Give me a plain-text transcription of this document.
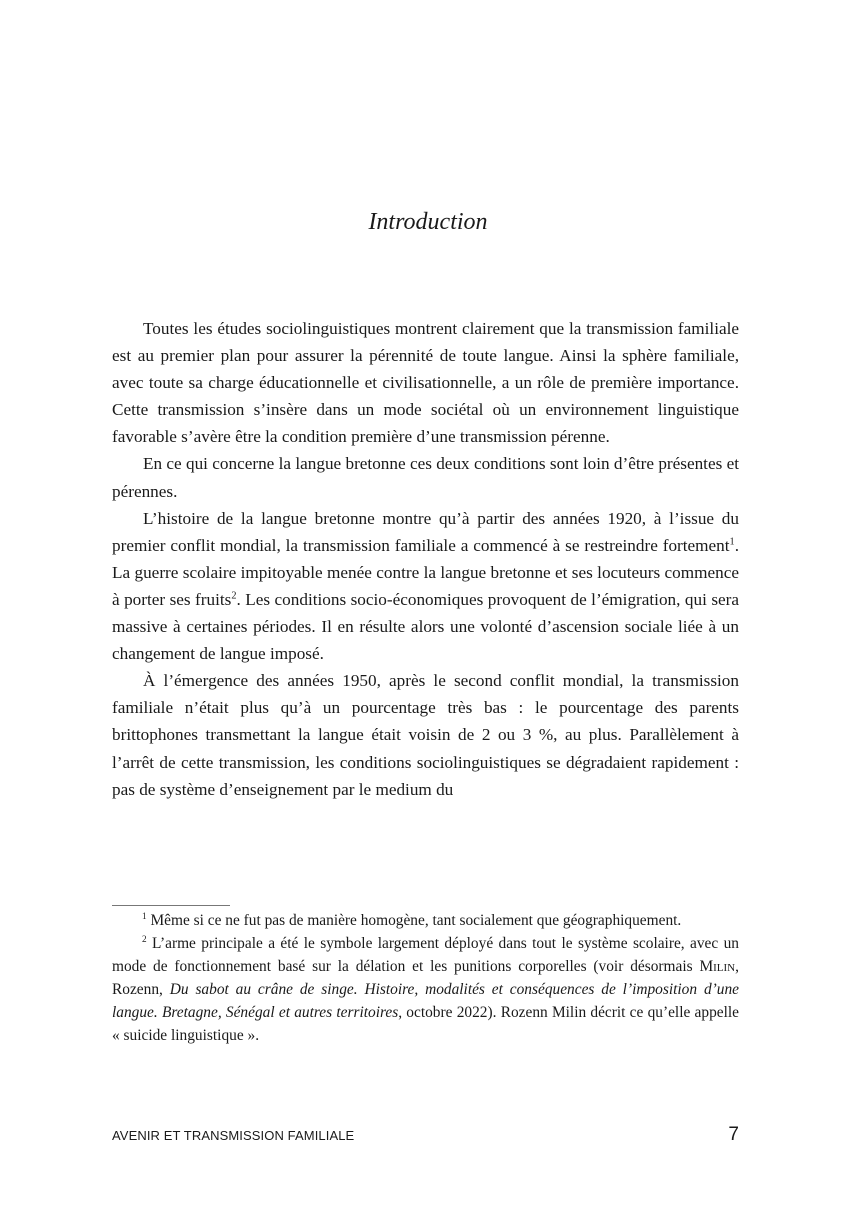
Introduction

Toutes les études sociolinguistiques montrent clairement que la transmission familiale est au premier plan pour assurer la pérennité de toute langue. Ainsi la sphère familiale, avec toute sa charge éducationnelle et civilisationnelle, a un rôle de première importance. Cette transmission s’insère dans un mode sociétal où un environnement linguistique favorable s’avère être la condition première d’une transmission pérenne.

En ce qui concerne la langue bretonne ces deux conditions sont loin d’être présentes et pérennes.

L’histoire de la langue bretonne montre qu’à partir des années 1920, à l’issue du premier conflit mondial, la transmission familiale a commencé à se restreindre fortement$^1$. La guerre scolaire impitoyable menée contre la langue bretonne et ses locuteurs commence à porter ses fruits$^2$. Les conditions socio-économiques provoquent de l’émigration, qui sera massive à certaines périodes. Il en résulte alors une volonté d’ascension sociale liée à un changement de langue imposé.

À l’émergence des années 1950, après le second conflit mondial, la transmission familiale n’était plus qu’à un pourcentage très bas : le pourcentage des parents brittophones transmettant la langue était voisin de 2 ou 3 %, au plus. Parallèlement à l’arrêt de cette transmission, les conditions sociolinguistiques se dégradaient rapidement : pas de système d’enseignement par le medium du

$^1$ Même si ce ne fut pas de manière homogène, tant socialement que géographiquement.

$^2$ L’arme principale a été le symbole largement déployé dans tout le système scolaire, avec un mode de fonctionnement basé sur la délation et les punitions corporelles (voir désormais Milin, Rozenn, Du sabot au crâne de singe. Histoire, modalités et conséquences de l’imposition d’une langue. Bretagne, Sénégal et autres territoires, octobre 2022). Rozenn Milin décrit ce qu’elle appelle « suicide linguistique ».

AVENIR ET TRANSMISSION FAMILIALE	7
